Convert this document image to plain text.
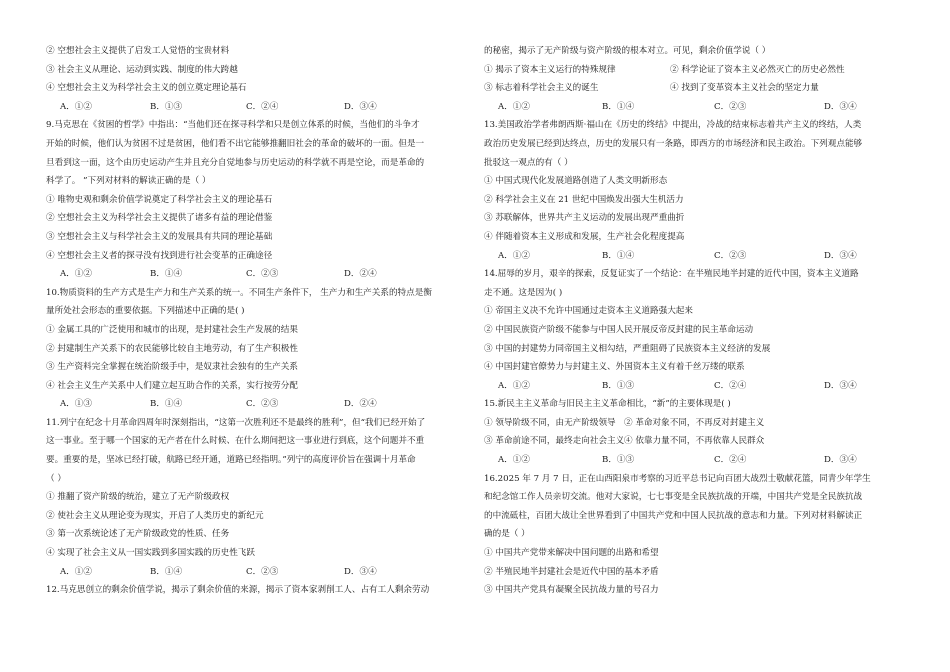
② 空想社会主义提供了启发工人觉悟的宝贵材料
③ 社会主义从理论、运动到实践、制度的伟大跨越
④ 空想社会主义为科学社会主义的创立奠定理论基石
A．①②	B．①③	C．②④	D．③④
9.马克思在《贫困的哲学》中指出：“当他们还在探寻科学和只是创立体系的时候，当他们的斗争才
开始的时候，他们认为贫困不过是贫困，他们看不出它能够推翻旧社会的革命的破坏的一面。但是一
旦看到这一面，这个由历史运动产生并且充分自觉地参与历史运动的科学就不再是空论，而是革命的
科学了。 ”下列对材料的解读正确的是（ ）
① 唯物史观和剩余价值学说奠定了科学社会主义的理论基石
② 空想社会主义为科学社会主义提供了诸多有益的理论借鉴
③ 空想社会主义与科学社会主义的发展具有共同的理论基础
④ 空想社会主义者的探寻没有找到进行社会变革的正确途径
A．①②	B．①④	C．②③	D．②④
10.物质资料的生产方式是生产力和生产关系的统一。不同生产条件下， 生产力和生产关系的特点是衡
量所处社会形态的重要依据。下列描述中正确的是( )
① 金属工具的广泛使用和城市的出现，是封建社会生产发展的结果
② 封建制生产关系下的农民能够比较自主地劳动，有了生产积极性
③ 生产资料完全掌握在统治阶级手中，是奴隶社会独有的生产关系
④ 社会主义生产关系中人们建立起互助合作的关系，实行按劳分配
A．①③	B．①④	C．②③	D．②④
11.列宁在纪念十月革命四周年时深刻指出，“这第一次胜利还不是最终的胜利”，但“我们已经开始了
这一事业。至于哪一个国家的无产者在什么时候、在什么期间把这一事业进行到底，这个问题并不重
要。重要的是，坚冰已经打破，航路已经开通，道路已经指明。”列宁的高度评价旨在强调十月革命
（ ）
① 推翻了资产阶级的统治，建立了无产阶级政权
② 使社会主义从理论变为现实，开启了人类历史的新纪元
③ 第一次系统论述了无产阶级政党的性质、任务
④ 实现了社会主义从一国实践到多国实践的历史性飞跃
A．①②	B．①④	C．②③	D．③④
12.马克思创立的剩余价值学说，揭示了剩余价值的来源，揭示了资本家剥削工人、占有工人剩余劳动
的秘密，揭示了无产阶级与资产阶级的根本对立。可见，剩余价值学说（ ）
① 揭示了资本主义运行的特殊规律	② 科学论证了资本主义必然灭亡的历史必然性
③ 标志着科学社会主义的诞生	④ 找到了变革资本主义社会的坚定力量
A．①②	B．①④	C．②③	D．③④
13.美国政治学者弗朗西斯·福山在《历史的终结》中提出，冷战的结束标志着共产主义的终结，人类
政治历史发展已经到达终点，历史的发展只有一条路，即西方的市场经济和民主政治。下列观点能够
批驳这一观点的有（ ）
① 中国式现代化发展道路创造了人类文明新形态
② 科学社会主义在 21 世纪中国焕发出强大生机活力
③ 苏联解体，世界共产主义运动的发展出现严重曲折
④ 伴随着资本主义形成和发展，生产社会化程度提高
A．①②	B．①④	C．②③	D．③④
14.屈辱的岁月，艰辛的探索，反复证实了一个结论：在半殖民地半封建的近代中国，资本主义道路
走不通。这是因为( )
① 帝国主义决不允许中国通过走资本主义道路强大起来
② 中国民族资产阶级不能参与中国人民开展反帝反封建的民主革命运动
③ 中国的封建势力同帝国主义相勾结，严重阻碍了民族资本主义经济的发展
④ 中国封建官僚势力与封建主义、外国资本主义有着千丝万缕的联系
A．①②	B．①③	C．②④	D．③④
15.新民主主义革命与旧民主主义革命相比，“新”的主要体现是( )
① 领导阶级不同，由无产阶级领导 ② 革命对象不同，不再反对封建主义
③ 革命前途不同，最终走向社会主义 ④ 依靠力量不同，不再依靠人民群众
A．①②	B．①③	C．②④	D．③④
16.2025 年 7 月 7 日，正在山西阳泉市考察的习近平总书记向百团大战烈士敬献花篮，同青少年学生
和纪念馆工作人员亲切交流。他对大家说，七七事变是全民族抗战的开端，中国共产党是全民族抗战
的中流砥柱，百团大战让全世界看到了中国共产党和中国人民抗战的意志和力量。下列对材料解读正
确的是（ ）
① 中国共产党带来解决中国问题的出路和希望
② 半殖民地半封建社会是近代中国的基本矛盾
③ 中国共产党具有凝聚全民抗战力量的号召力
